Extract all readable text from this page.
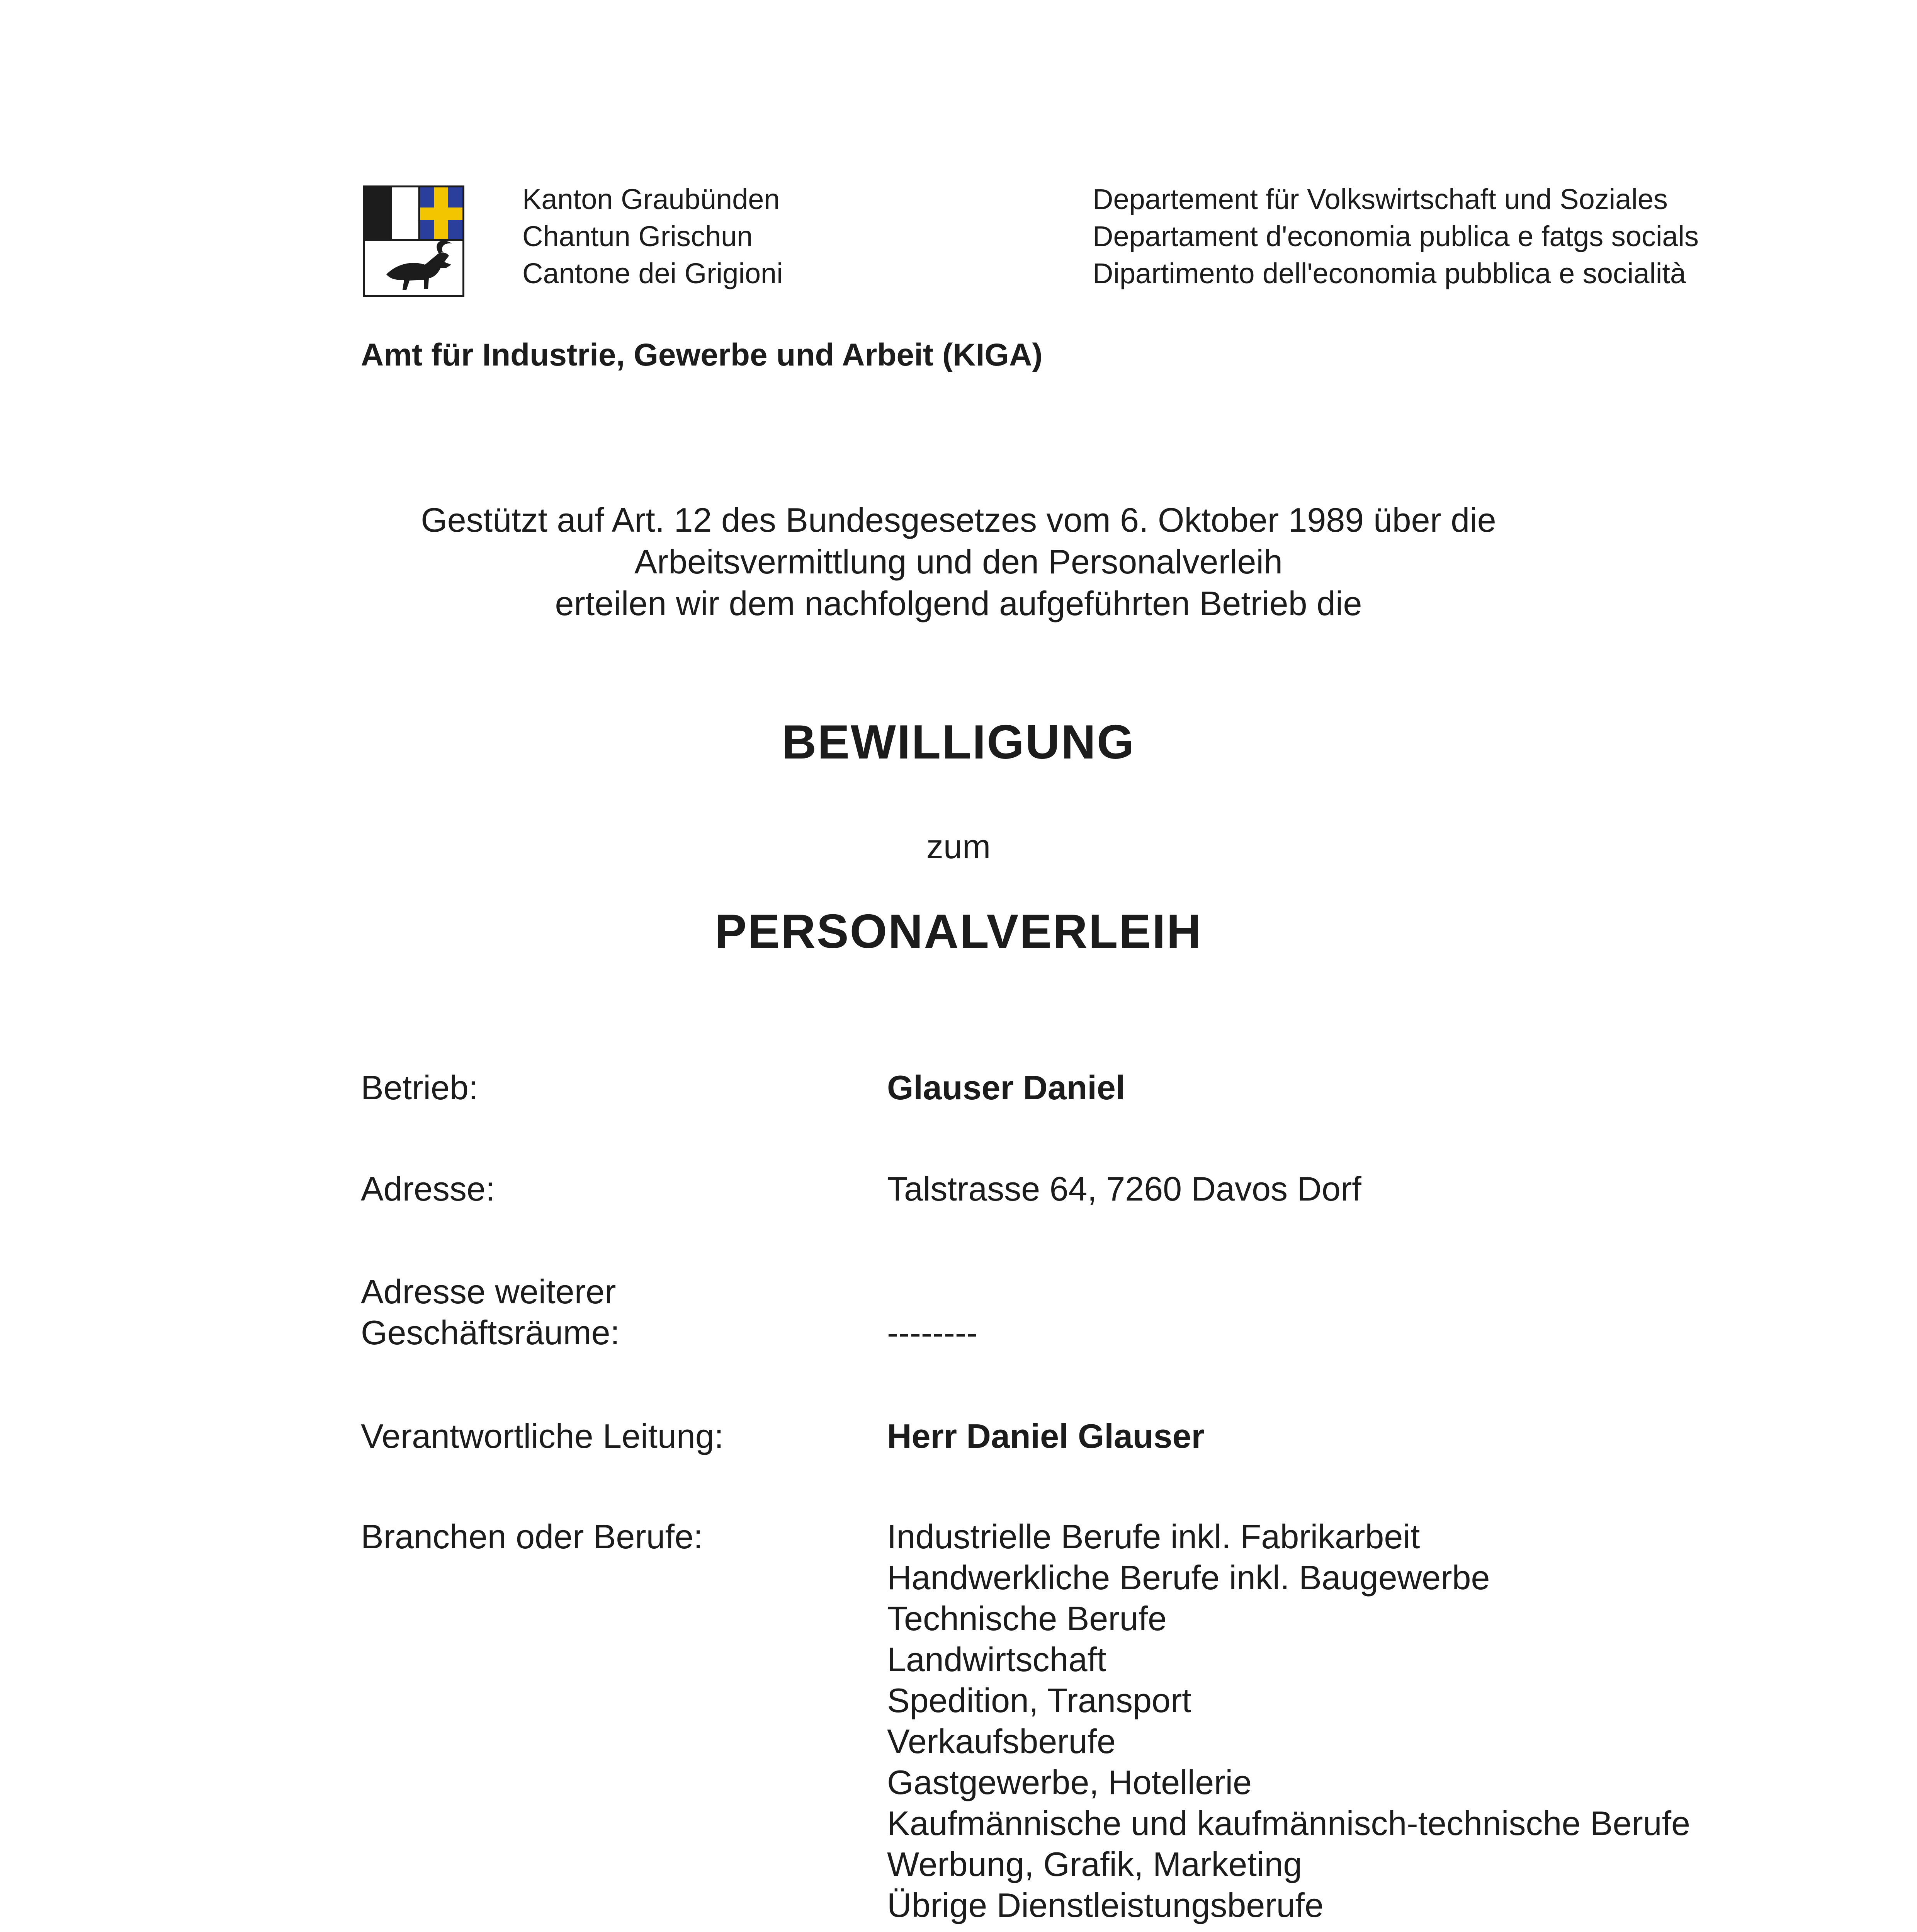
Kanton Graubünden
Chantun Grischun
Cantone dei Grigioni
Departement für Volkswirtschaft und Soziales
Departament d'economia publica e fatgs socials
Dipartimento dell'economia pubblica e socialità
Amt für Industrie, Gewerbe und Arbeit (KIGA)
Gestützt auf Art. 12 des Bundesgesetzes vom 6. Oktober 1989 über die
Arbeitsvermittlung und den Personalverleih
erteilen wir dem nachfolgend aufgeführten Betrieb die
BEWILLIGUNG
zum
PERSONALVERLEIH
Betrieb:	Glauser Daniel
Adresse:	Talstrasse 64, 7260 Davos Dorf
Adresse weiterer
Geschäftsräume:	--------
Verantwortliche Leitung:	Herr Daniel Glauser
Branchen oder Berufe:	Industrielle Berufe inkl. Fabrikarbeit
Handwerkliche Berufe inkl. Baugewerbe
Technische Berufe
Landwirtschaft
Spedition, Transport
Verkaufsberufe
Gastgewerbe, Hotellerie
Kaufmännische und kaufmännisch-technische Berufe
Werbung, Grafik, Marketing
Übrige Dienstleistungsberufe
